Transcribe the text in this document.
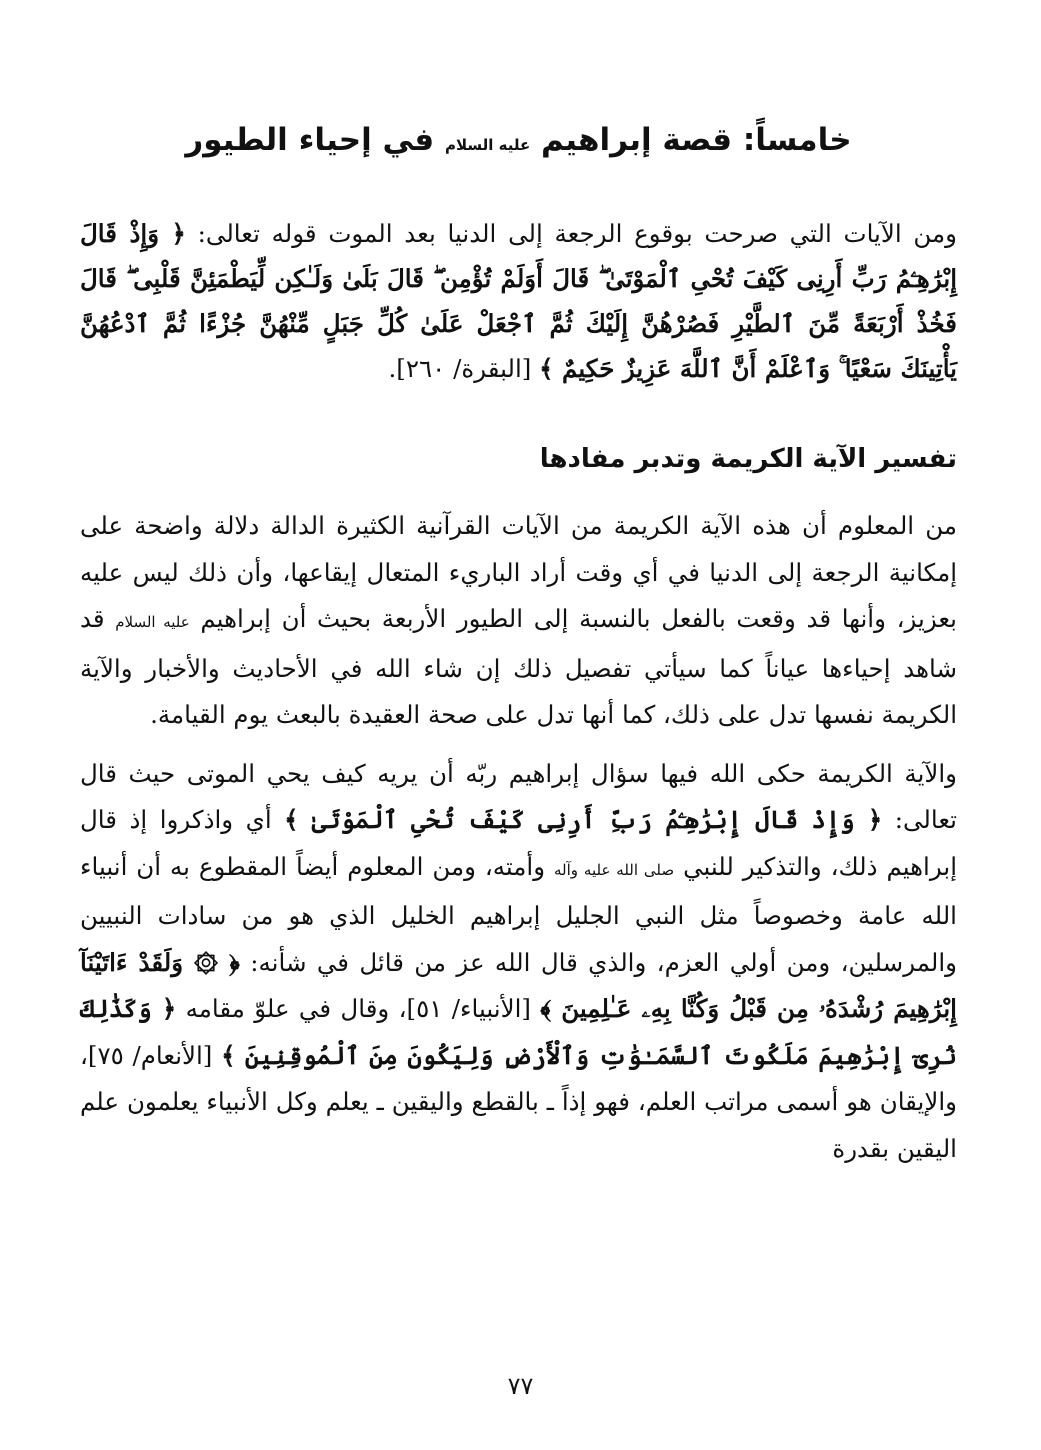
خامساً: قصة إبراهيم عليه السلام في إحياء الطيور

ومن الآيات التي صرحت بوقوع الرجعة إلى الدنيا بعد الموت قوله تعالى: ﴿ وَإِذْ قَالَ إِبْرَٰهِـۧمُ رَبِّ أَرِنِى كَيْفَ تُحْىِ ٱلْمَوْتَىٰ ۖ قَالَ أَوَلَمْ تُؤْمِن ۖ قَالَ بَلَىٰ وَلَـٰكِن لِّيَطْمَئِنَّ قَلْبِى ۖ قَالَ فَخُذْ أَرْبَعَةً مِّنَ ٱلطَّيْرِ فَصُرْهُنَّ إِلَيْكَ ثُمَّ ٱجْعَلْ عَلَىٰ كُلِّ جَبَلٍ مِّنْهُنَّ جُزْءًا ثُمَّ ٱدْعُهُنَّ يَأْتِينَكَ سَعْيًا ۚ وَٱعْلَمْ أَنَّ ٱللَّهَ عَزِيزٌ حَكِيمٌ ﴾ [البقرة/ ٢٦٠].

تفسير الآية الكريمة وتدبر مفادها

من المعلوم أن هذه الآية الكريمة من الآيات القرآنية الكثيرة الدالة دلالة واضحة على إمكانية الرجعة إلى الدنيا في أي وقت أراد الباريء المتعال إيقاعها، وأن ذلك ليس عليه بعزيز، وأنها قد وقعت بالفعل بالنسبة إلى الطيور الأربعة بحيث أن إبراهيم عليه السلام قد شاهد إحياءها عياناً كما سيأتي تفصيل ذلك إن شاء الله في الأحاديث والأخبار والآية الكريمة نفسها تدل على ذلك، كما أنها تدل على صحة العقيدة بالبعث يوم القيامة.

والآية الكريمة حكى الله فيها سؤال إبراهيم ربّه أن يريه كيف يحي الموتى حيث قال تعالى: ﴿ وَإِذْ قَالَ إِبْرَٰهِـۧمُ رَبِّ أَرِنِى كَيْفَ تُحْىِ ٱلْمَوْتَىٰ ﴾ أي واذكروا إذ قال إبراهيم ذلك، والتذكير للنبي صلى الله عليه وآله وأمته، ومن المعلوم أيضاً المقطوع به أن أنبياء الله عامة وخصوصاً مثل النبي الجليل إبراهيم الخليل الذي هو من سادات النبيين والمرسلين، ومن أولي العزم، والذي قال الله عز من قائل في شأنه: ﴿ ۞ وَلَقَدْ ءَاتَيْنَآ إِبْرَٰهِيمَ رُشْدَهُۥ مِن قَبْلُ وَكُنَّا بِهِۦ عَـٰلِمِينَ ﴾ [الأنبياء/ ٥١]، وقال في علوّ مقامه ﴿ وَكَذَٰلِكَ نُرِىٓ إِبْرَٰهِيمَ مَلَكُوتَ ٱلسَّمَـٰوَٰتِ وَٱلْأَرْضِ وَلِيَكُونَ مِنَ ٱلْمُوقِنِينَ ﴾ [الأنعام/ ٧٥]، والإيقان هو أسمى مراتب العلم، فهو إذاً ـ بالقطع واليقين ـ يعلم وكل الأنبياء يعلمون علم اليقين بقدرة

٧٧
